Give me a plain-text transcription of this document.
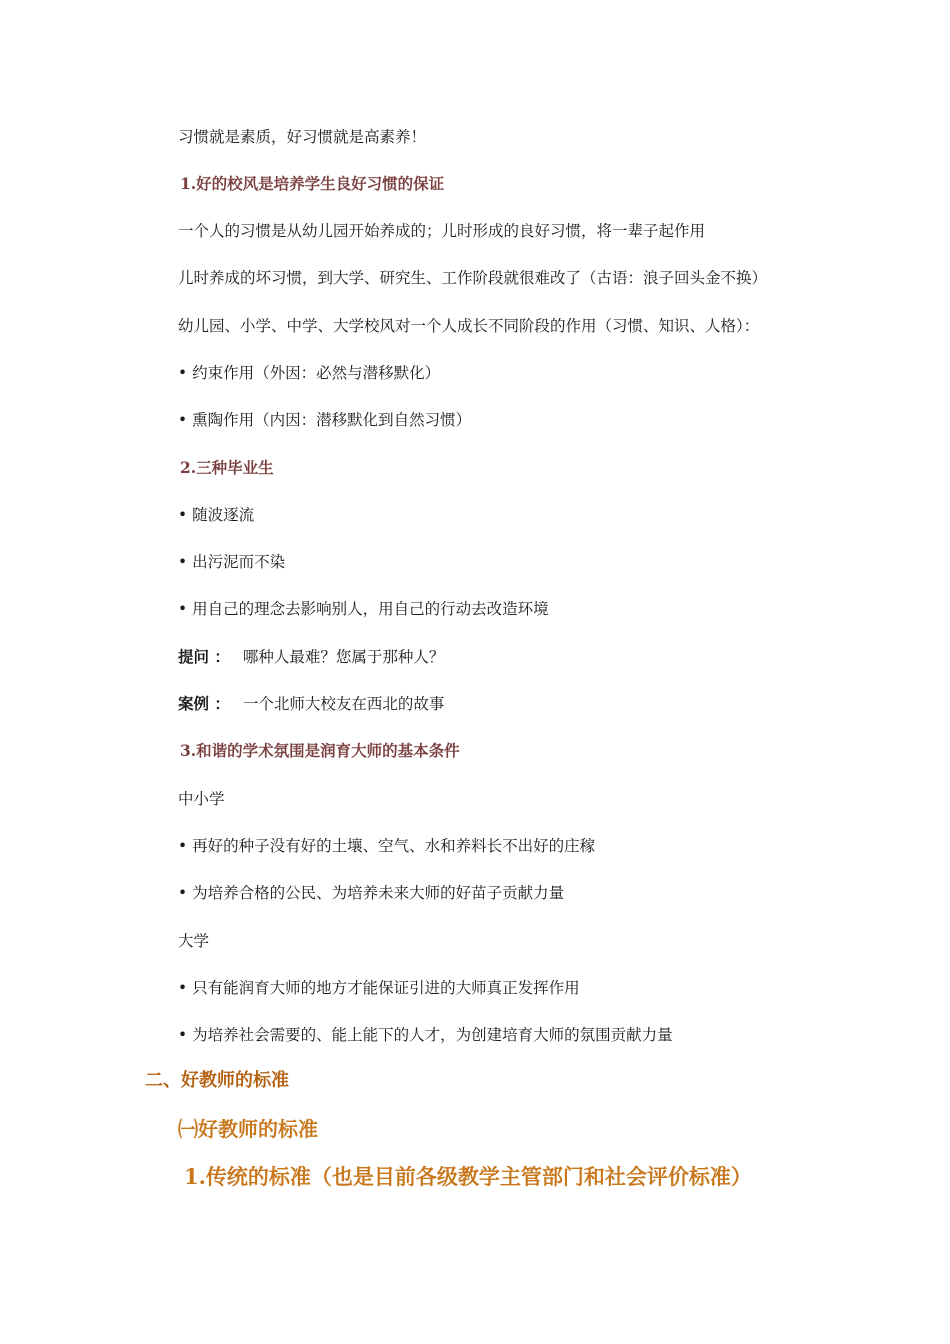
习惯就是素质，好习惯就是高素养！
1.好的校风是培养学生良好习惯的保证
一个人的习惯是从幼儿园开始养成的；儿时形成的良好习惯，将一辈子起作用
儿时养成的坏习惯，到大学、研究生、工作阶段就很难改了（古语：浪子回头金不换）
幼儿园、小学、中学、大学校风对一个人成长不同阶段的作用（习惯、知识、人格）：
• 约束作用（外因：必然与潜移默化）
• 熏陶作用（内因：潜移默化到自然习惯）
2.三种毕业生
• 随波逐流
• 出污泥而不染
• 用自己的理念去影响别人，用自己的行动去改造环境
提问 ： 哪种人最难？您属于那种人？
案例 ： 一个北师大校友在西北的故事
3.和谐的学术氛围是润育大师的基本条件
中小学
• 再好的种子没有好的土壤、空气、水和养料长不出好的庄稼
• 为培养合格的公民、为培养未来大师的好苗子贡献力量
大学
• 只有能润育大师的地方才能保证引进的大师真正发挥作用
• 为培养社会需要的、能上能下的人才，为创建培育大师的氛围贡献力量
二、好教师的标准
㈠好教师的标准
1.传统的标准（也是目前各级教学主管部门和社会评价标准）
